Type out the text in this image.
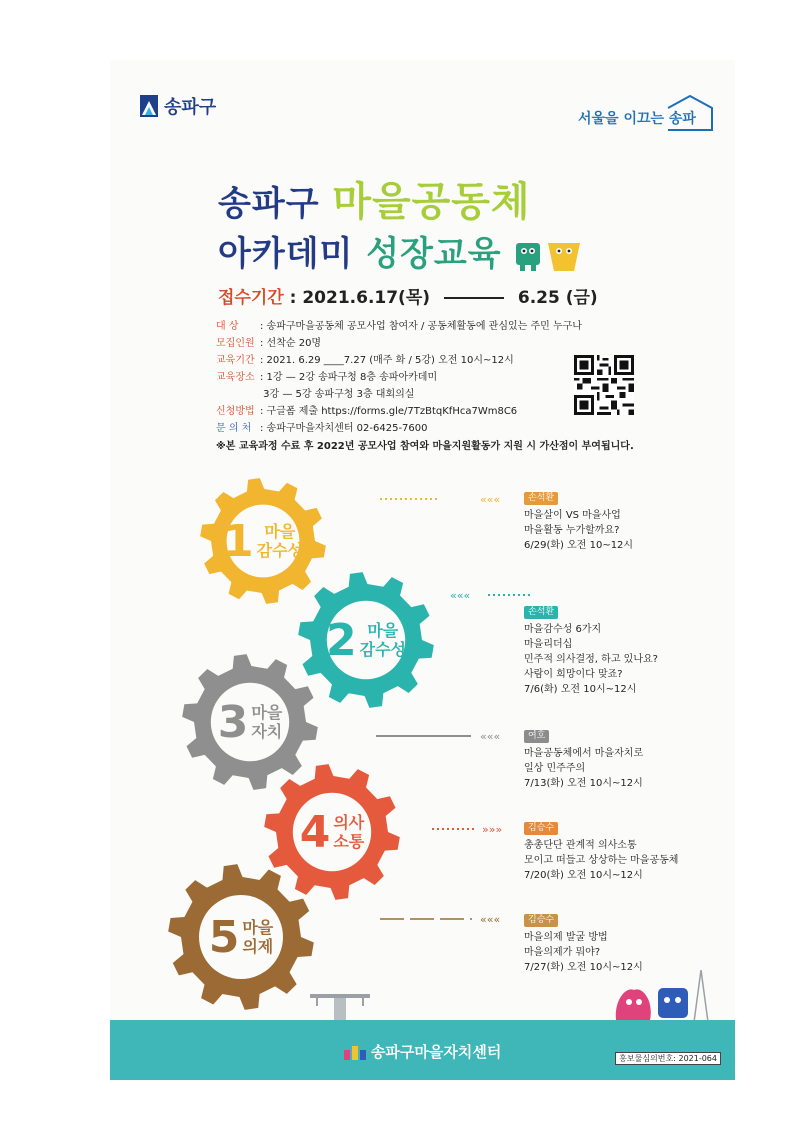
송파구
서울을 이끄는 송파
송파구 마을공동체
아카데미 성장교육
접수기간 : 2021.6.17(목)	6.25 (금)
대 상 : 송파구마을공동체 공모사업 참여자 / 공동체활동에 관심있는 주민 누구나
모집인원 : 선착순 20명
교육기간 : 2021. 6.29 ____7.27 (매주 화 / 5강) 오전 10시~12시
교육장소 : 1강 — 2강 송파구청 8층 송파아카데미
3강 — 5강 송파구청 3층 대회의실
신청방법 : 구글폼 제출 https://forms.gle/7TzBtqKfHca7Wm8C6
문 의 처 : 송파구마을자치센터 02-6425-7600
※본 교육과정 수료 후 2022년 공모사업 참여와 마을지원활동가 지원 시 가산점이 부여됩니다.
1 마을
감수성
2 마을
감수성
3 마을
자치
4 의사
소통
5 마을
의제
«««
«««
«««
»»»
«««
손석환
마을살이 VS 마을사업
마을활동 누가할까요?
6/29(화) 오전 10~12시
손석환
마을감수성 6가지
마을리더십
민주적 의사결정, 하고 있나요?
사람이 희망이다 맞죠?
7/6(화) 오전 10시~12시
여호
마을공동체에서 마을자치로
일상 민주주의
7/13(화) 오전 10시~12시
김승수
총총단단 관계적 의사소통
모이고 떠들고 상상하는 마을공동체
7/20(화) 오전 10시~12시
김승수
마을의제 발굴 방법
마을의제가 뭐야?
7/27(화) 오전 10시~12시
송파구마을자치센터	홍보물심의번호: 2021-064
